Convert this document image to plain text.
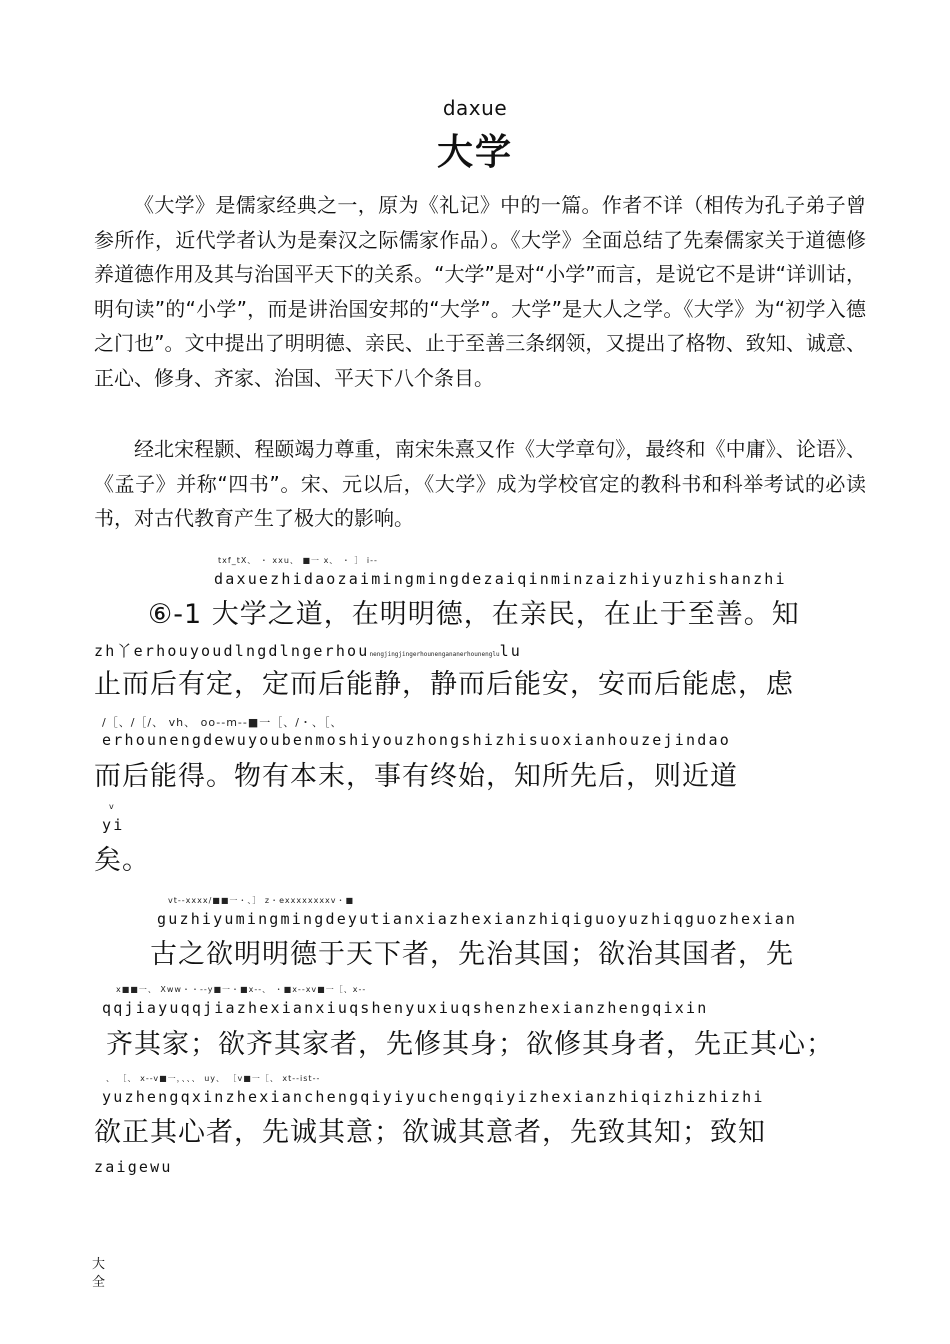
daxue
大学

《大学》是儒家经典之一，原为《礼记》中的一篇。作者不详（相传为孔子弟子曾参所作，近代学者认为是秦汉之际儒家作品）。《大学》全面总结了先秦儒家关于道德修养道德作用及其与治国平天下的关系。“大学”是对“小学”而言，是说它不是讲“详训诂，明句读”的“小学”，而是讲治国安邦的“大学”。大学”是大人之学。《大学》为“初学入德之门也”。文中提出了明明德、亲民、止于至善三条纲领，又提出了格物、致知、诚意、正心、修身、齐家、治国、平天下八个条目。

经北宋程颢、程颐竭力尊重，南宋朱熹又作《大学章句》，最终和《中庸》、论语》、《孟子》并称“四书”。宋、元以后，《大学》成为学校官定的教科书和科举考试的必读书，对古代教育产生了极大的影响。

txf_tX、 ・ xxu、 ■一 x、 ・ ］ i--
daxuezhidaozaimingmingdezaiqinminzaizhiyuzhishanzhi
⑥-1 大学之道，在明明德，在亲民，在止于至善。知
zh丫erhouyoudlngdlngerhounengjingjingerhounengananerhounenglulu
止而后有定，定而后能静，静而后能安，安而后能虑，虑
/［、/［/、 vh、 oo--m--■一［、/・、［、
erhounengdewuyoubenmoshiyouzhongshizhisuoxianhouzejindao
而后能得。物有本末，事有终始，知所先后，则近道
v
yi
矣。
vt--xxxx/■■一・、］ z・exxxxxxxxv・■
guzhiyumingmingdeyutianxiazhexianzhiqiguoyuzhiqguozhexian
古之欲明明德于天下者，先治其国；欲治其国者，先
x■■一、 Xww・・--y■一・■x--、 ・■x--xv■一［、x--
qqjiayuqqjiazhexianxiuqshenyuxiuqshenzhexianzhengqixin
齐其家；欲齐其家者，先修其身；欲修其身者，先正其心；
、 ［、 x--v■一，、、、 uy、 ［v■一［、 xt--ist--
yuzhengqxinzhexianchengqiyiyuchengqiyizhexianzhiqizhizhizhi
欲正其心者，先诚其意；欲诚其意者，先致其知；致知
zaigewu
大全
